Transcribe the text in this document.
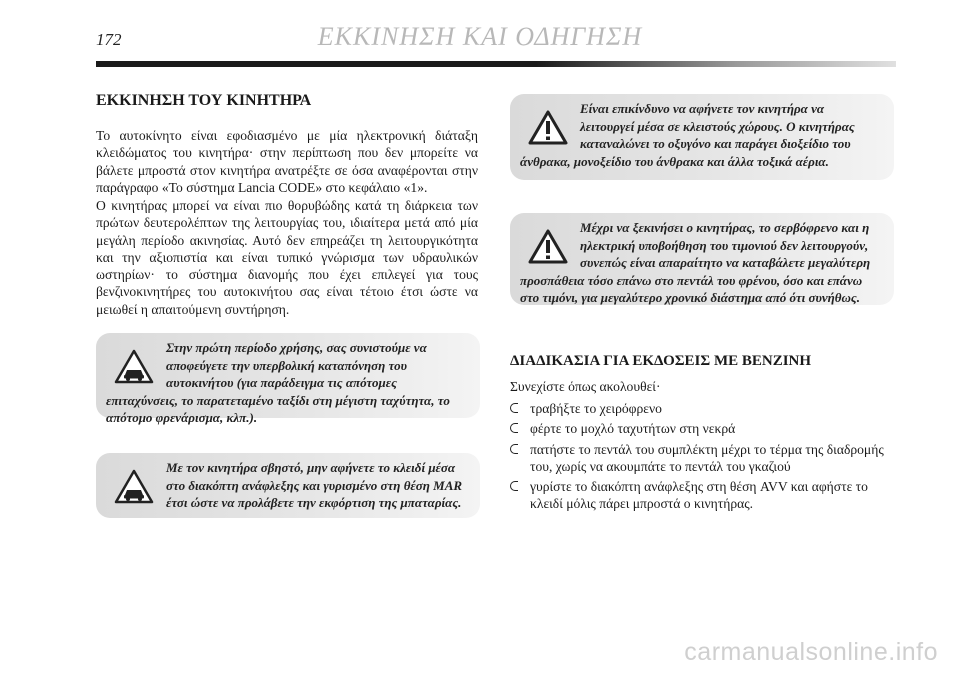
172	ΕΚΚΙΝΗΣΗ ΚΑΙ ΟΔΗΓΗΣΗ
ΕΚΚΙΝΗΣΗ ΤΟΥ ΚΙΝΗΤΗΡΑ

Το αυτοκίνητο είναι εφοδιασμένο με μία ηλεκτρονική διάταξη κλειδώματος του κινητήρα· στην περίπτωση που δεν μπορείτε να βάλετε μπροστά στον κινητήρα ανατρέξτε σε όσα αναφέρονται στην παράγραφο «Το σύστημα Lancia CODE» στο κεφάλαιο «1».

Ο κινητήρας μπορεί να είναι πιο θορυβώδης κατά τη διάρκεια των πρώτων δευτερολέπτων της λειτουργίας του, ιδιαίτερα μετά από μία μεγάλη περίοδο ακινησίας. Αυτό δεν επηρεάζει τη λειτουργικότητα και την αξιοπιστία και είναι τυπικό γνώρισμα των υδραυλικών ωστηρίων· το σύστημα διανομής που έχει επιλεγεί για τους βενζινοκινητήρες του αυτοκινήτου σας είναι τέτοιο έτσι ώστε να μειωθεί η απαιτούμενη συντήρηση.

Στην πρώτη περίοδο χρήσης, σας συνιστούμε να αποφεύγετε την υπερβολική καταπόνηση του αυτοκινήτου (για παράδειγμα τις απότομες επιταχύνσεις, το παρατεταμένο ταξίδι στη μέγιστη ταχύτητα, το απότομο φρενάρισμα, κλπ.).
Με τον κινητήρα σβηστό, μην αφήνετε το κλειδί μέσα στο διακόπτη ανάφλεξης και γυρισμένο στη θέση MAR έτσι ώστε να προλάβετε την εκφόρτιση της μπαταρίας.
Είναι επικίνδυνο να αφήνετε τον κινητήρα να λειτουργεί μέσα σε κλειστούς χώρους. Ο κινητήρας καταναλώνει το οξυγόνο και παράγει διοξείδιο του άνθρακα, μονοξείδιο του άνθρακα και άλλα τοξικά αέρια.
Μέχρι να ξεκινήσει ο κινητήρας, το σερβόφρενο και η ηλεκτρική υποβοήθηση του τιμονιού δεν λειτουργούν, συνεπώς είναι απαραίτητο να καταβάλετε μεγαλύτερη προσπάθεια τόσο επάνω στο πεντάλ του φρένου, όσο και επάνω στο τιμόνι, για μεγαλύτερο χρονικό διάστημα από ότι συνήθως.
ΔΙΑΔΙΚΑΣΙΑ ΓΙΑ ΕΚΔΟΣΕΙΣ ΜΕ ΒΕΝΖΙΝΗ

Συνεχίστε όπως ακολουθεί·

τραβήξτε το χειρόφρενο
φέρτε το μοχλό ταχυτήτων στη νεκρά
πατήστε το πεντάλ του συμπλέκτη μέχρι το τέρμα της διαδρομής του, χωρίς να ακουμπάτε το πεντάλ του γκαζιού
γυρίστε το διακόπτη ανάφλεξης στη θέση AVV και αφήστε το κλειδί μόλις πάρει μπροστά ο κινητήρας.
carmanualsonline.info
